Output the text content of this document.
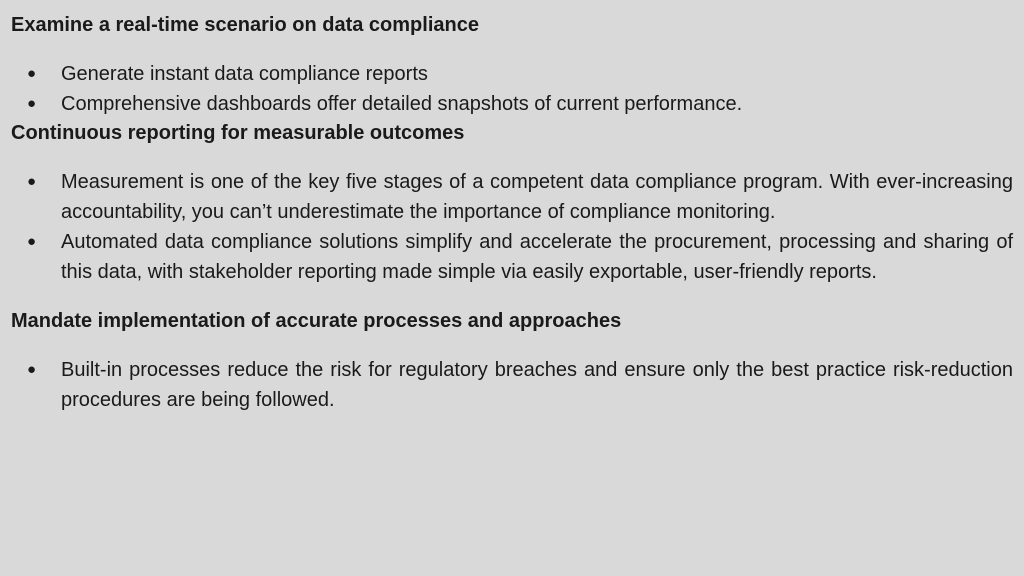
Examine a real-time scenario on data compliance
● Generate instant data compliance reports
● Comprehensive dashboards offer detailed snapshots of current performance.
Continuous reporting for measurable outcomes
● Measurement is one of the key five stages of a competent data compliance program. With ever-increasing accountability, you can’t underestimate the importance of compliance monitoring.
● Automated data compliance solutions simplify and accelerate the procurement, processing and sharing of this data, with stakeholder reporting made simple via easily exportable, user-friendly reports.
Mandate implementation of accurate processes and approaches
● Built-in processes reduce the risk for regulatory breaches and ensure only the best practice risk-reduction procedures are being followed.
